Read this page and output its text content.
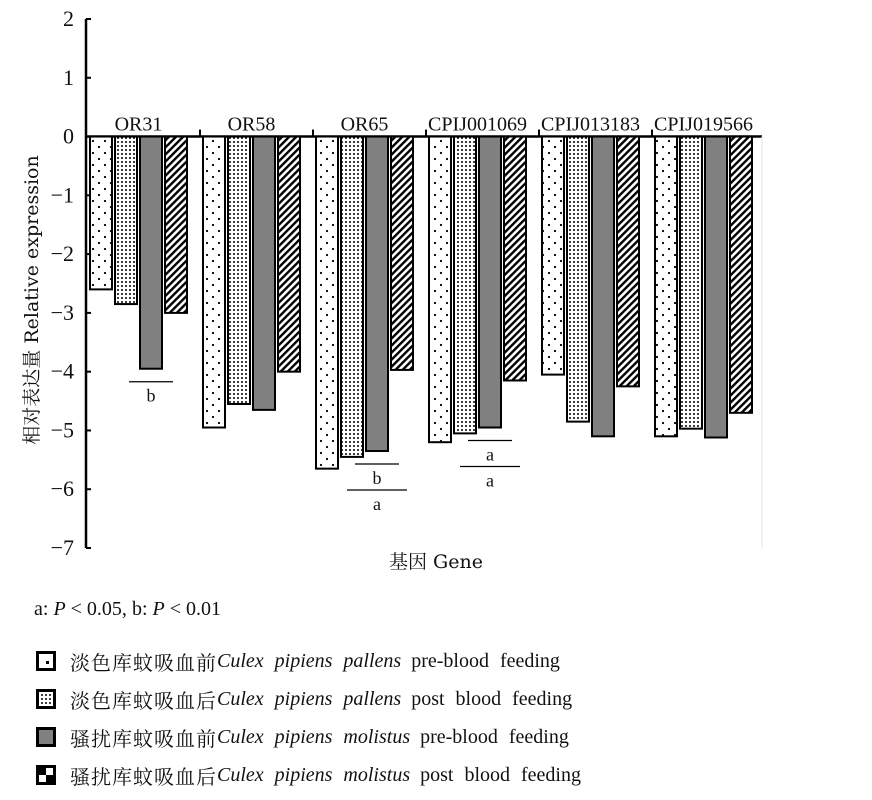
2
1
0
−1
−2
−3
−4
−5
−6
−7
OR31	OR58	OR65 CPIJ001069 CPIJ013183 CPIJ019566
b
b
a
a
a
相对表达量 Relative expression
基因 Gene
a: P < 0.05, b: P < 0.01
淡色库蚊吸血前 Culex pipiens pallens pre-blood feeding
淡色库蚊吸血后 Culex pipiens pallens post blood feeding
骚扰库蚊吸血前 Culex pipiens molistus pre-blood feeding
骚扰库蚊吸血后 Culex pipiens molistus post blood feeding
